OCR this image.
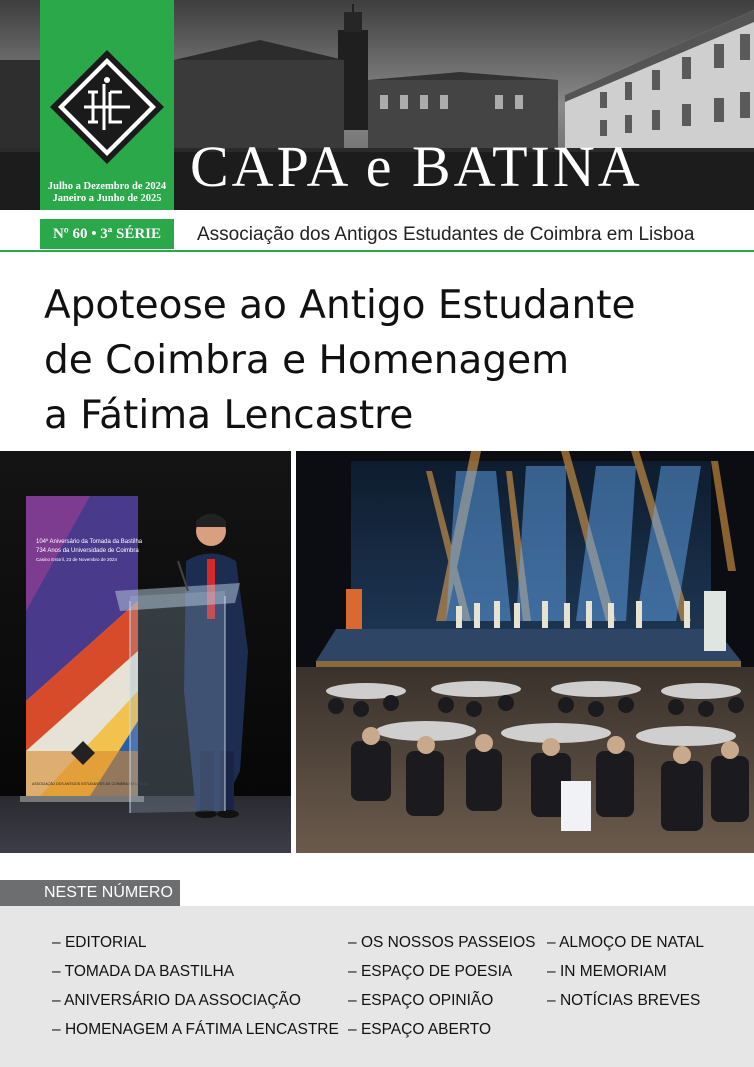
Julho a Dezembro de 2024
Janeiro a Junho de 2025 CAPA e BATINA
Nº 60 • 3ª SÉRIE	Associação dos Antigos Estudantes de Coimbra em Lisboa
Apoteose ao Antigo Estudante
de Coimbra e Homenagem
a Fátima Lencastre
104º Aniversário da Tomada da Bastilha
734 Anos da Universidade de Coimbra
Casino Estoril, 23 de Novembro de 2024
ASSOCIAÇÃO DOS ANTIGOS ESTUDANTES DE COIMBRA EM LISBOA
NESTE NÚMERO
– EDITORIAL
– TOMADA DA BASTILHA
– ANIVERSÁRIO DA ASSOCIAÇÃO
– HOMENAGEM A FÁTIMA LENCASTRE
– OS NOSSOS PASSEIOS
– ESPAÇO DE POESIA
– ESPAÇO OPINIÃO
– ESPAÇO ABERTO
– ALMOÇO DE NATAL
– IN MEMORIAM
– NOTÍCIAS BREVES
